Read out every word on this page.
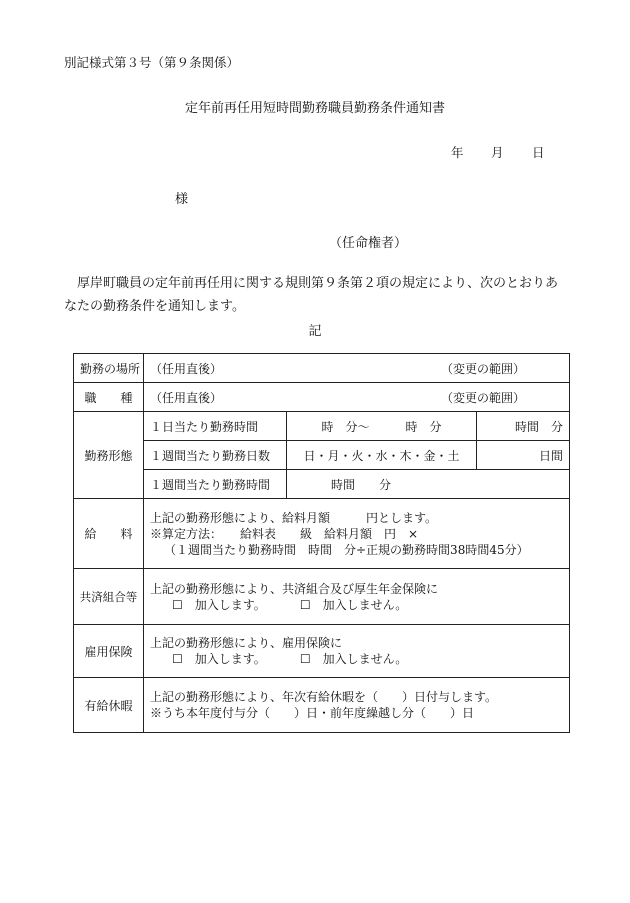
別記様式第３号（第９条関係）
定年前再任用短時間勤務職員勤務条件通知書
年 月 日
様
（任命権者）
厚岸町職員の定年前再任用に関する規則第９条第２項の規定により、次のとおりあなたの勤務条件を通知します。
記
勤務の場所	（任用直後） （変更の範囲）		

職　　種	（任用直後） （変更の範囲）		

勤務形態	１日当たり勤務時間	時　分～　　　時　分	時間　分
	１週間当たり勤務日数	日・月・火・水・木・金・土	日間
	１週間当たり勤務時間	時間　　分	
給　　料	上記の勤務形態により、給料月額　　　円とします。
※算定方法：　　給料表　　級　給料月額　円　×
（１週間当たり勤務時間　時間　分÷正規の勤務時間38時間45分）		

共済組合等	上記の勤務形態により、共済組合及び厚生年金保険に
☐　加入します。 ☐　加入しません。		

雇用保険	上記の勤務形態により、雇用保険に
☐　加入します。 ☐　加入しません。		

有給休暇	上記の勤務形態により、年次有給休暇を（　　）日付与します。
※うち本年度付与分（　　）日・前年度繰越し分（　　）日		
